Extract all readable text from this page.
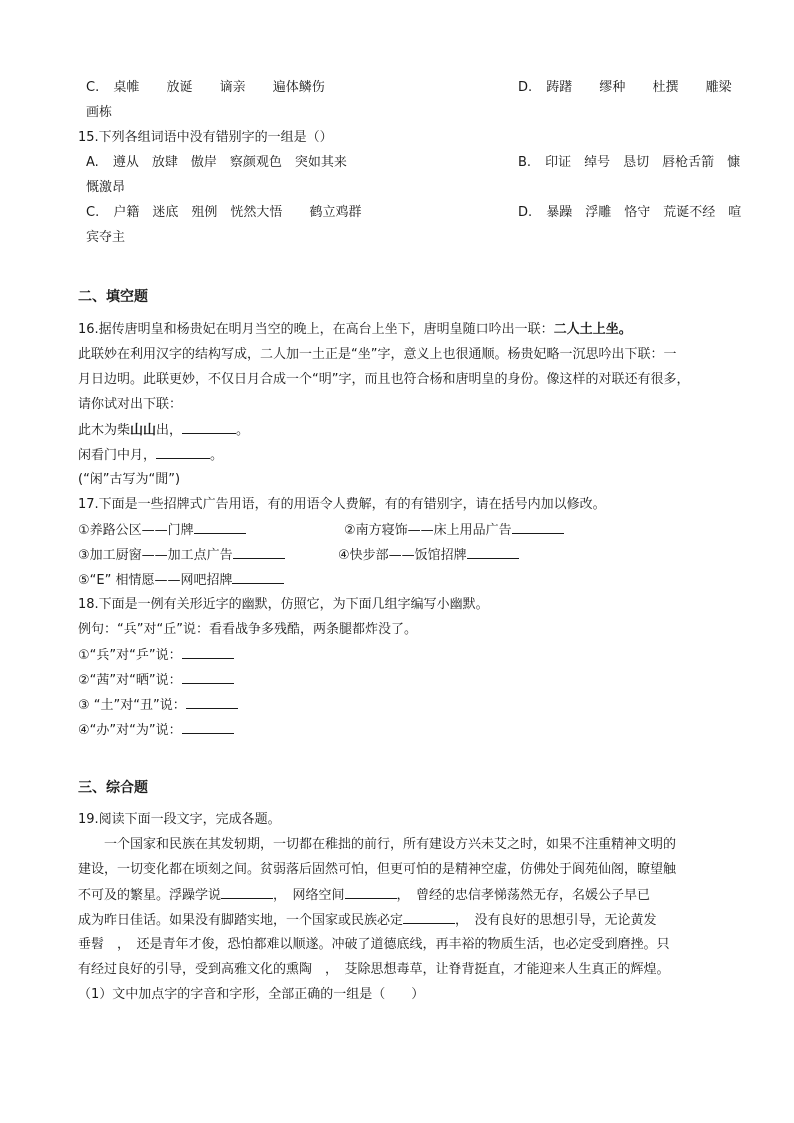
C. 桌帷　 放诞　 谪亲　 遍体鳞伤	D. 踌躇　 缪种　 杜撰　 雕梁
画栋
15.下列各组词语中没有错别字的一组是（）
A. 遵从　放肆　傲岸　察颜观色　突如其来	B. 印证　绰号　恳切　唇枪舌箭　慷
慨激昂
C. 户籍　迷底　殂例　恍然大悟　 鹤立鸡群	D. 暴躁　浮雕　恪守　荒诞不经　喧
宾夺主
二、填空题
16.据传唐明皇和杨贵妃在明月当空的晚上，在高台上坐下，唐明皇随口吟出一联：二人土上坐。
此联妙在利用汉字的结构写成，二人加一土正是“坐”字，意义上也很通顺。杨贵妃略一沉思吟出下联：一
月日边明。此联更妙，不仅日月合成一个“明”字，而且也符合杨和唐明皇的身份。像这样的对联还有很多，
请你试对出下联：
此木为柴山山出，	。
闲看门中月，	。
(“闲”古写为“閒”)
17.下面是一些招牌式广告用语，有的用语令人费解，有的有错别字，请在括号内加以修改。
①养路公区——门牌	②南方寝饰——床上用品广告
③加工厨窗——加工点广告	④快步部——饭馆招牌
⑤“E” 相情愿——网吧招牌
18.下面是一例有关形近字的幽默，仿照它，为下面几组字编写小幽默。
例句：“兵”对“丘”说：看看战争多残酷，两条腿都炸没了。
①“兵”对“乒”说：
②“茜”对“晒”说：
③ “土”对“丑”说：
④“办”对“为”说：
三、综合题
19.阅读下面一段文字，完成各题。
一个国家和民族在其发轫期，一切都在稚拙的前行，所有建设方兴未艾之时，如果不注重精神文明的
建设，一切变化都在顷刻之间。贫弱落后固然可怕，但更可怕的是精神空虚，仿佛处于阆苑仙阁，瞭望触
不可及的繁星。浮躁学说	，　网络空间	，　曾经的忠信孝悌荡然无存，名媛公子早已
成为昨日佳话。如果没有脚踏实地，一个国家或民族必定	，　没有良好的思想引导，无论黄发
垂髫　，　还是青年才俊，恐怕都难以顺遂。冲破了道德底线，再丰裕的物质生活，也必定受到磨挫。只
有经过良好的引导，受到高雅文化的熏陶　，　芟除思想毒草，让脊背挺直，才能迎来人生真正的辉煌。
（1）文中加点字的字音和字形，全部正确的一组是（　　）
